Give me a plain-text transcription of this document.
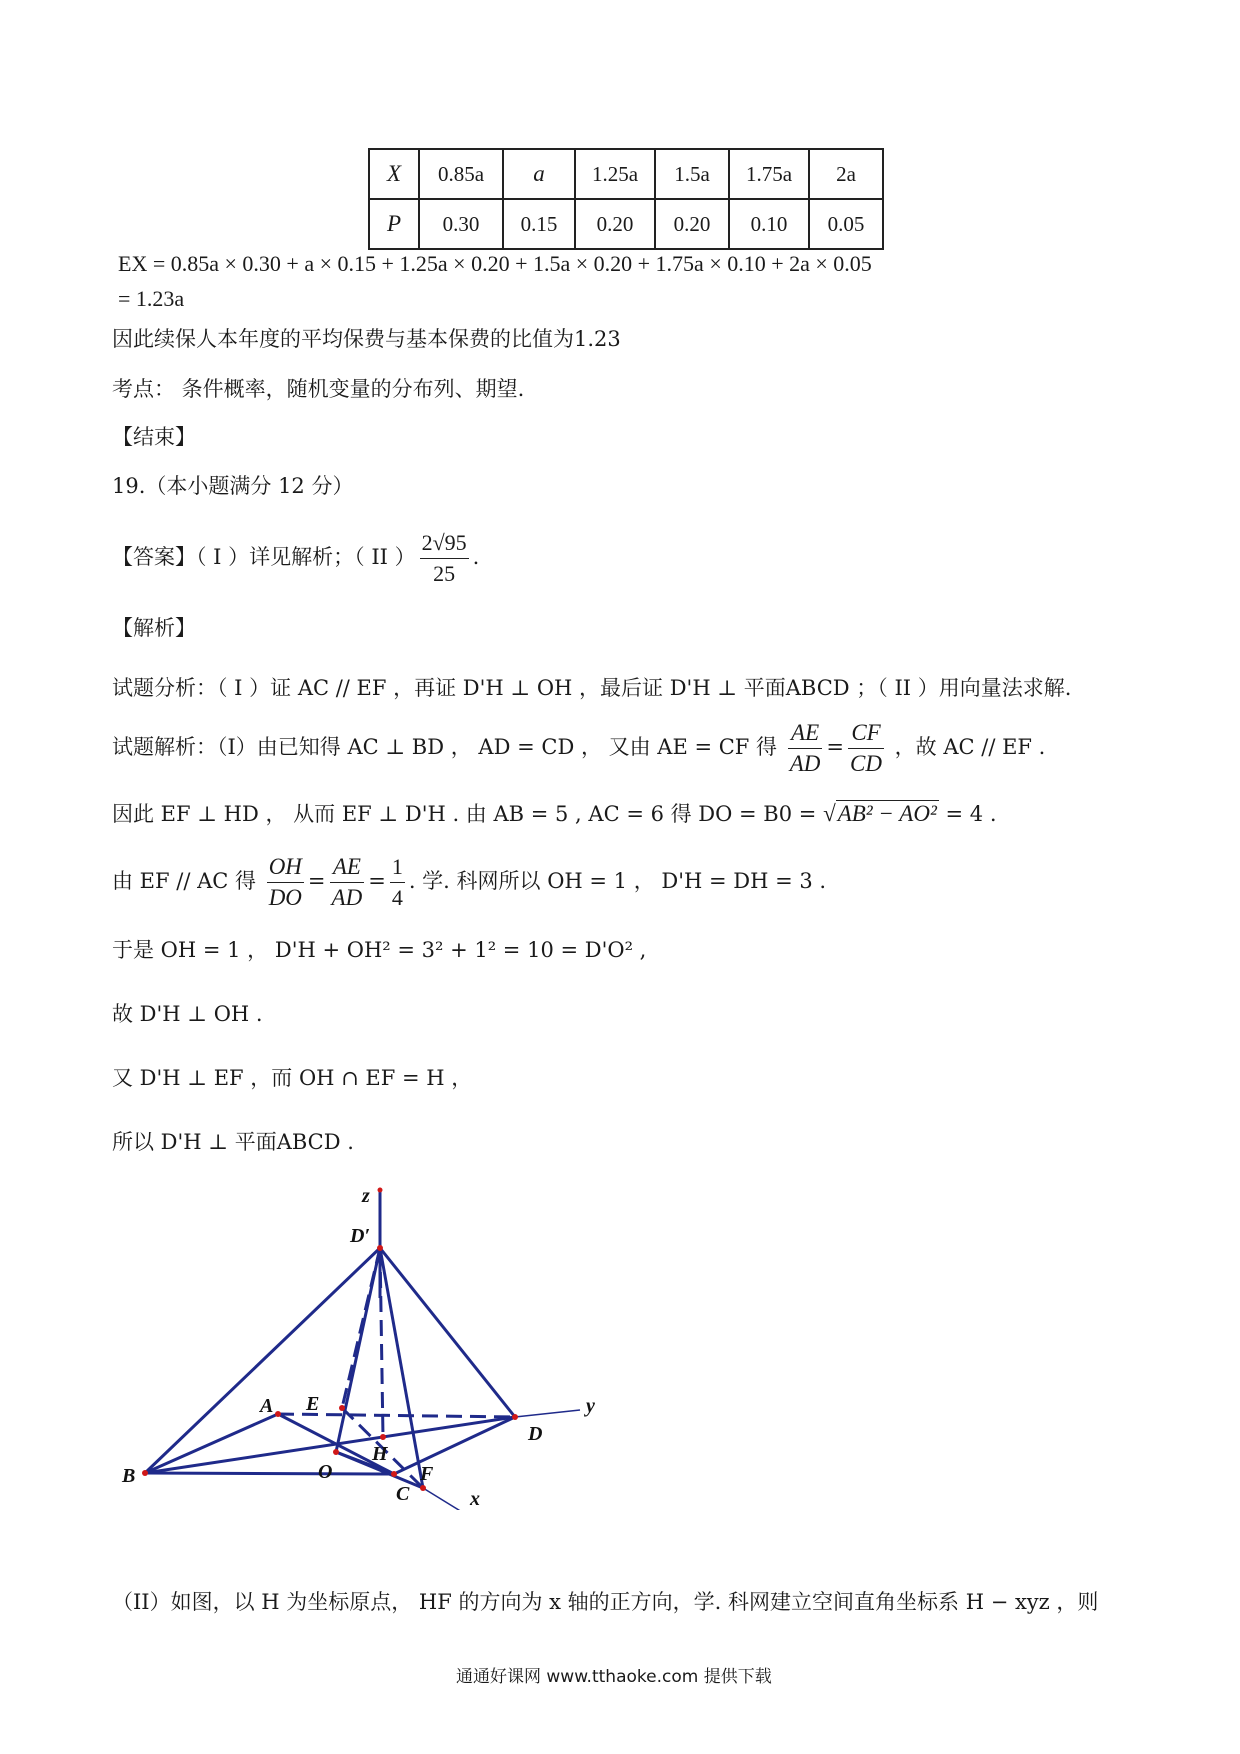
X	0.85a	a	1.25a	1.5a	1.75a	2a
P	0.30	0.15	0.20	0.20	0.10	0.05
EX = 0.85a × 0.30 + a × 0.15 + 1.25a × 0.20 + 1.5a × 0.20 + 1.75a × 0.10 + 2a × 0.05
= 1.23a
因此续保人本年度的平均保费与基本保费的比值为1.23
考点： 条件概率，随机变量的分布列、期望.
【结束】
19.（本小题满分 12 分）
【答案】（ I ）详见解析；（ II ） $\frac{2√95}{25}$ .
【解析】
试题分析：（ I ）证 AC // EF ，再证 D'H ⊥ OH ，最后证 D'H ⊥ 平面ABCD ；（ II ）用向量法求解.
试题解析：（I）由已知得 AC ⊥ BD ， AD = CD ， 又由 AE = CF 得 $\frac{AE}{AD} = \frac{CF}{CD}$ ，故 AC // EF .
因此 EF ⊥ HD ， 从而 EF ⊥ D'H . 由 AB = 5 , AC = 6 得 DO = B0 = √AB² − AO² = 4 .
由 EF // AC 得 $\frac{OH}{DO} = \frac{AE}{AD} = \frac{1}{4}$ . 学. 科网所以 OH = 1 ， D'H = DH = 3 .
于是 OH = 1 ， D'H + OH² = 3² + 1² = 10 = D'O² ,
故 D'H ⊥ OH .
又 D'H ⊥ EF ，而 OH ∩ EF = H ，
所以 D'H ⊥ 平面ABCD .
z
D′
A E
B	O
H
C
F
D
y
x
（II）如图，以 H 为坐标原点， HF 的方向为 x 轴的正方向，学. 科网建立空间直角坐标系 H − xyz ，则
通通好课网 www.tthaoke.com 提供下载
